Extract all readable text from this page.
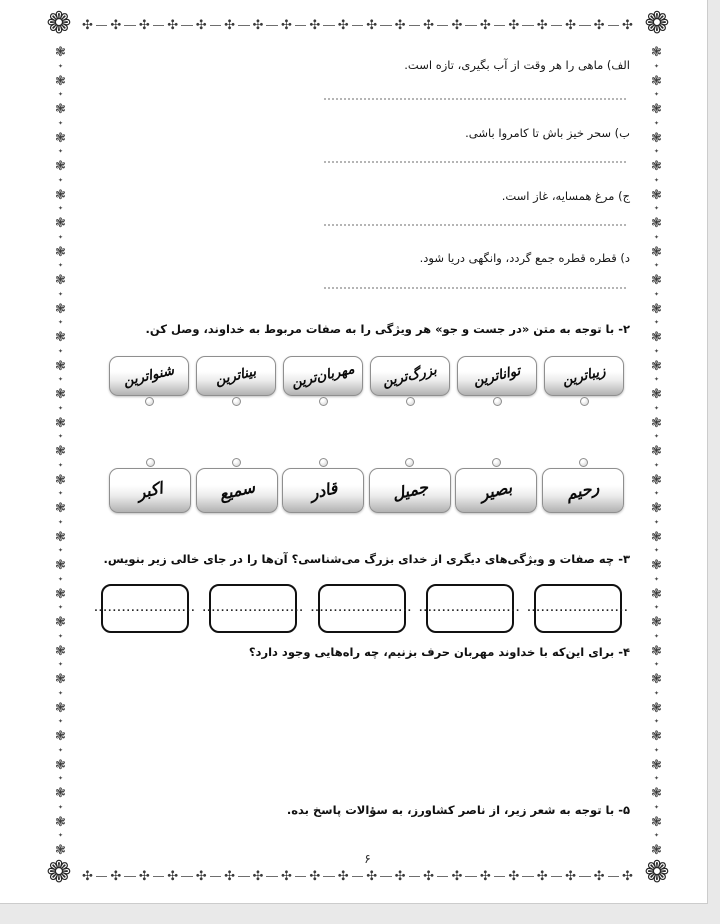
❁	❁
❁	❁
✣ ✣ ✣ ✣ ✣ ✣ ✣ ✣ ✣ ✣ ✣ ✣ ✣ ✣ ✣ ✣ ✣ ✣ ✣ ✣
✣ ✣ ✣ ✣ ✣ ✣ ✣ ✣ ✣ ✣ ✣ ✣ ✣ ✣ ✣ ✣ ✣ ✣ ✣ ✣
❃
✦
❃
✦
❃
✦
❃
✦
❃
✦
❃
✦
❃
✦
❃
✦
❃
✦
❃
✦
❃
✦
❃
✦
❃
✦
❃
✦
❃
✦
❃
✦
❃
✦
❃
✦
❃
✦
❃
✦
❃
✦
❃
✦
❃
✦
❃
✦
❃
✦
❃
✦
❃
✦
❃
✦
❃
❃
✦
❃
✦
❃
✦
❃
✦
❃
✦
❃
✦
❃
✦
❃
✦
❃
✦
❃
✦
❃
✦
❃
✦
❃
✦
❃
✦
❃
✦
❃
✦
❃
✦
❃
✦
❃
✦
❃
✦
❃
✦
❃
✦
❃
✦
❃
✦
❃
✦
❃
✦
❃
✦
❃
✦
❃

الف) ماهی را هر وقت از آب بگیری، تازه است.

ب) سحر خیز باش تا کامروا باشی.

ج) مرغ همسایه، غاز است.

د) قطره قطره جمع گردد، وانگهی دریا شود.

۲- با توجه به متن «در جست و جو» هر ویژگی را به صفات مربوط به خداوند، وصل کن.

زیباترین
تواناترین
بزرگ‌ترین
مهربان‌ترین
بیناترین
شنواترین
رحیم
بصیر
جمیل
قادر
سمیع
اکبر

۳- چه صفات و ویژگی‌های دیگری از خدای بزرگ می‌شناسی؟ آن‌ها را در جای خالی زیر بنویس.

......................
......................
......................
......................
......................

۴- برای این‌که با خداوند مهربان حرف بزنیم، چه راه‌هایی وجود دارد؟

۵- با توجه به شعر زیر، از ناصر کشاورز، به سؤالات پاسخ بده.

۶
